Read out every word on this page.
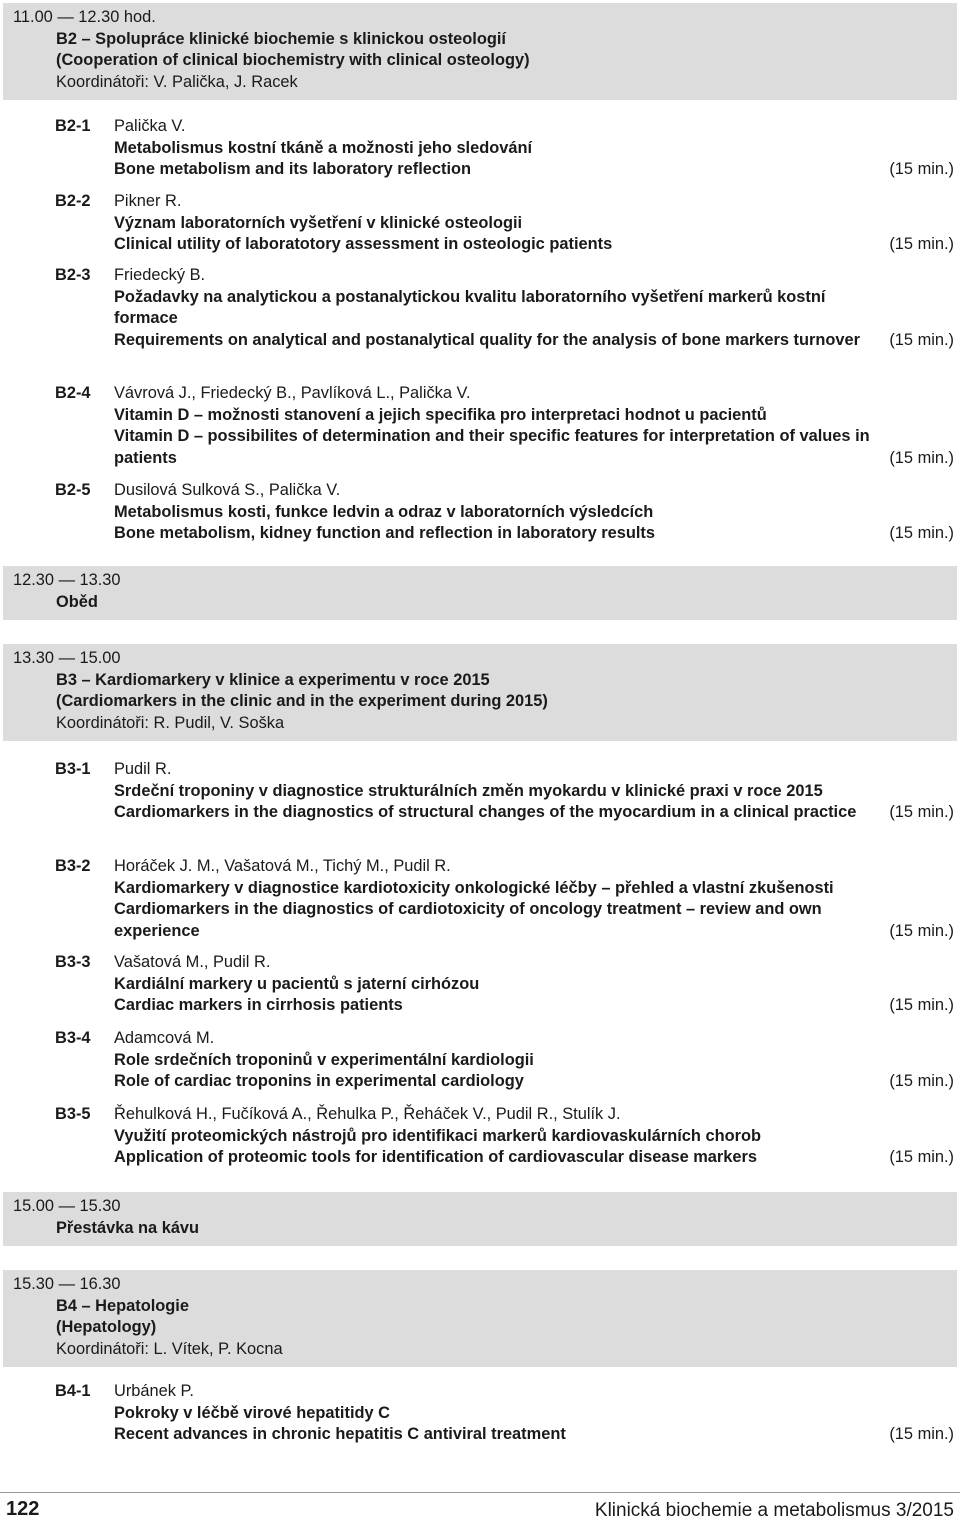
11.00 — 12.30 hod.
B2 – Spolupráce klinické biochemie s klinickou osteologií
(Cooperation of clinical biochemistry with clinical osteology)
Koordinátoři: V. Palička, J. Racek
B2-1 Palička V.
Metabolismus kostní tkáně a možnosti jeho sledování
Bone metabolism and its laboratory reflection	(15 min.)
B2-2 Pikner R.
Význam laboratorních vyšetření v klinické osteologii
Clinical utility of laboratotory assessment in osteologic patients	(15 min.)
B2-3 Friedecký B.
Požadavky na analytickou a postanalytickou kvalitu laboratorního vyšetření markerů kostní formace
Requirements on analytical and postanalytical quality for the analysis of bone markers turnover	(15 min.)
B2-4 Vávrová J., Friedecký B., Pavlíková L., Palička V.
Vitamin D – možnosti stanovení a jejich specifika pro interpretaci hodnot u pacientů
Vitamin D – possibilites of determination and their specific features for interpretation of values in patients	(15 min.)
B2-5 Dusilová Sulková S., Palička V.
Metabolismus kosti, funkce ledvin a odraz v laboratorních výsledcích
Bone metabolism, kidney function and reflection in laboratory results	(15 min.)
12.30 — 13.30
Oběd
13.30 — 15.00
B3 – Kardiomarkery v klinice a experimentu v roce 2015
(Cardiomarkers in the clinic and in the experiment during 2015)
Koordinátoři: R. Pudil, V. Soška
B3-1 Pudil R.
Srdeční troponiny v diagnostice strukturálních změn myokardu v klinické praxi v roce 2015
Cardiomarkers in the diagnostics of structural changes of the myocardium in a clinical practice	(15 min.)
B3-2 Horáček J. M., Vašatová M., Tichý M., Pudil R.
Kardiomarkery v diagnostice kardiotoxicity onkologické léčby – přehled a vlastní zkušenosti
Cardiomarkers in the diagnostics of cardiotoxicity of oncology treatment – review and own experience	(15 min.)
B3-3 Vašatová M., Pudil R.
Kardiální markery u pacientů s jaterní cirhózou
Cardiac markers in cirrhosis patients	(15 min.)
B3-4 Adamcová M.
Role srdečních troponinů v experimentální kardiologii
Role of cardiac troponins in experimental cardiology	(15 min.)
B3-5 Řehulková H., Fučíková A., Řehulka P., Řeháček V., Pudil R., Stulík J.
Využití proteomických nástrojů pro identifikaci markerů kardiovaskulárních chorob
Application of proteomic tools for identification of cardiovascular disease markers	(15 min.)
15.00 — 15.30
Přestávka na kávu
15.30 — 16.30
B4 – Hepatologie
(Hepatology)
Koordinátoři: L. Vítek, P. Kocna
B4-1 Urbánek P.
Pokroky v léčbě virové hepatitidy C
Recent advances in chronic hepatitis C antiviral treatment	(15 min.)
122	Klinická biochemie a metabolismus 3/2015
